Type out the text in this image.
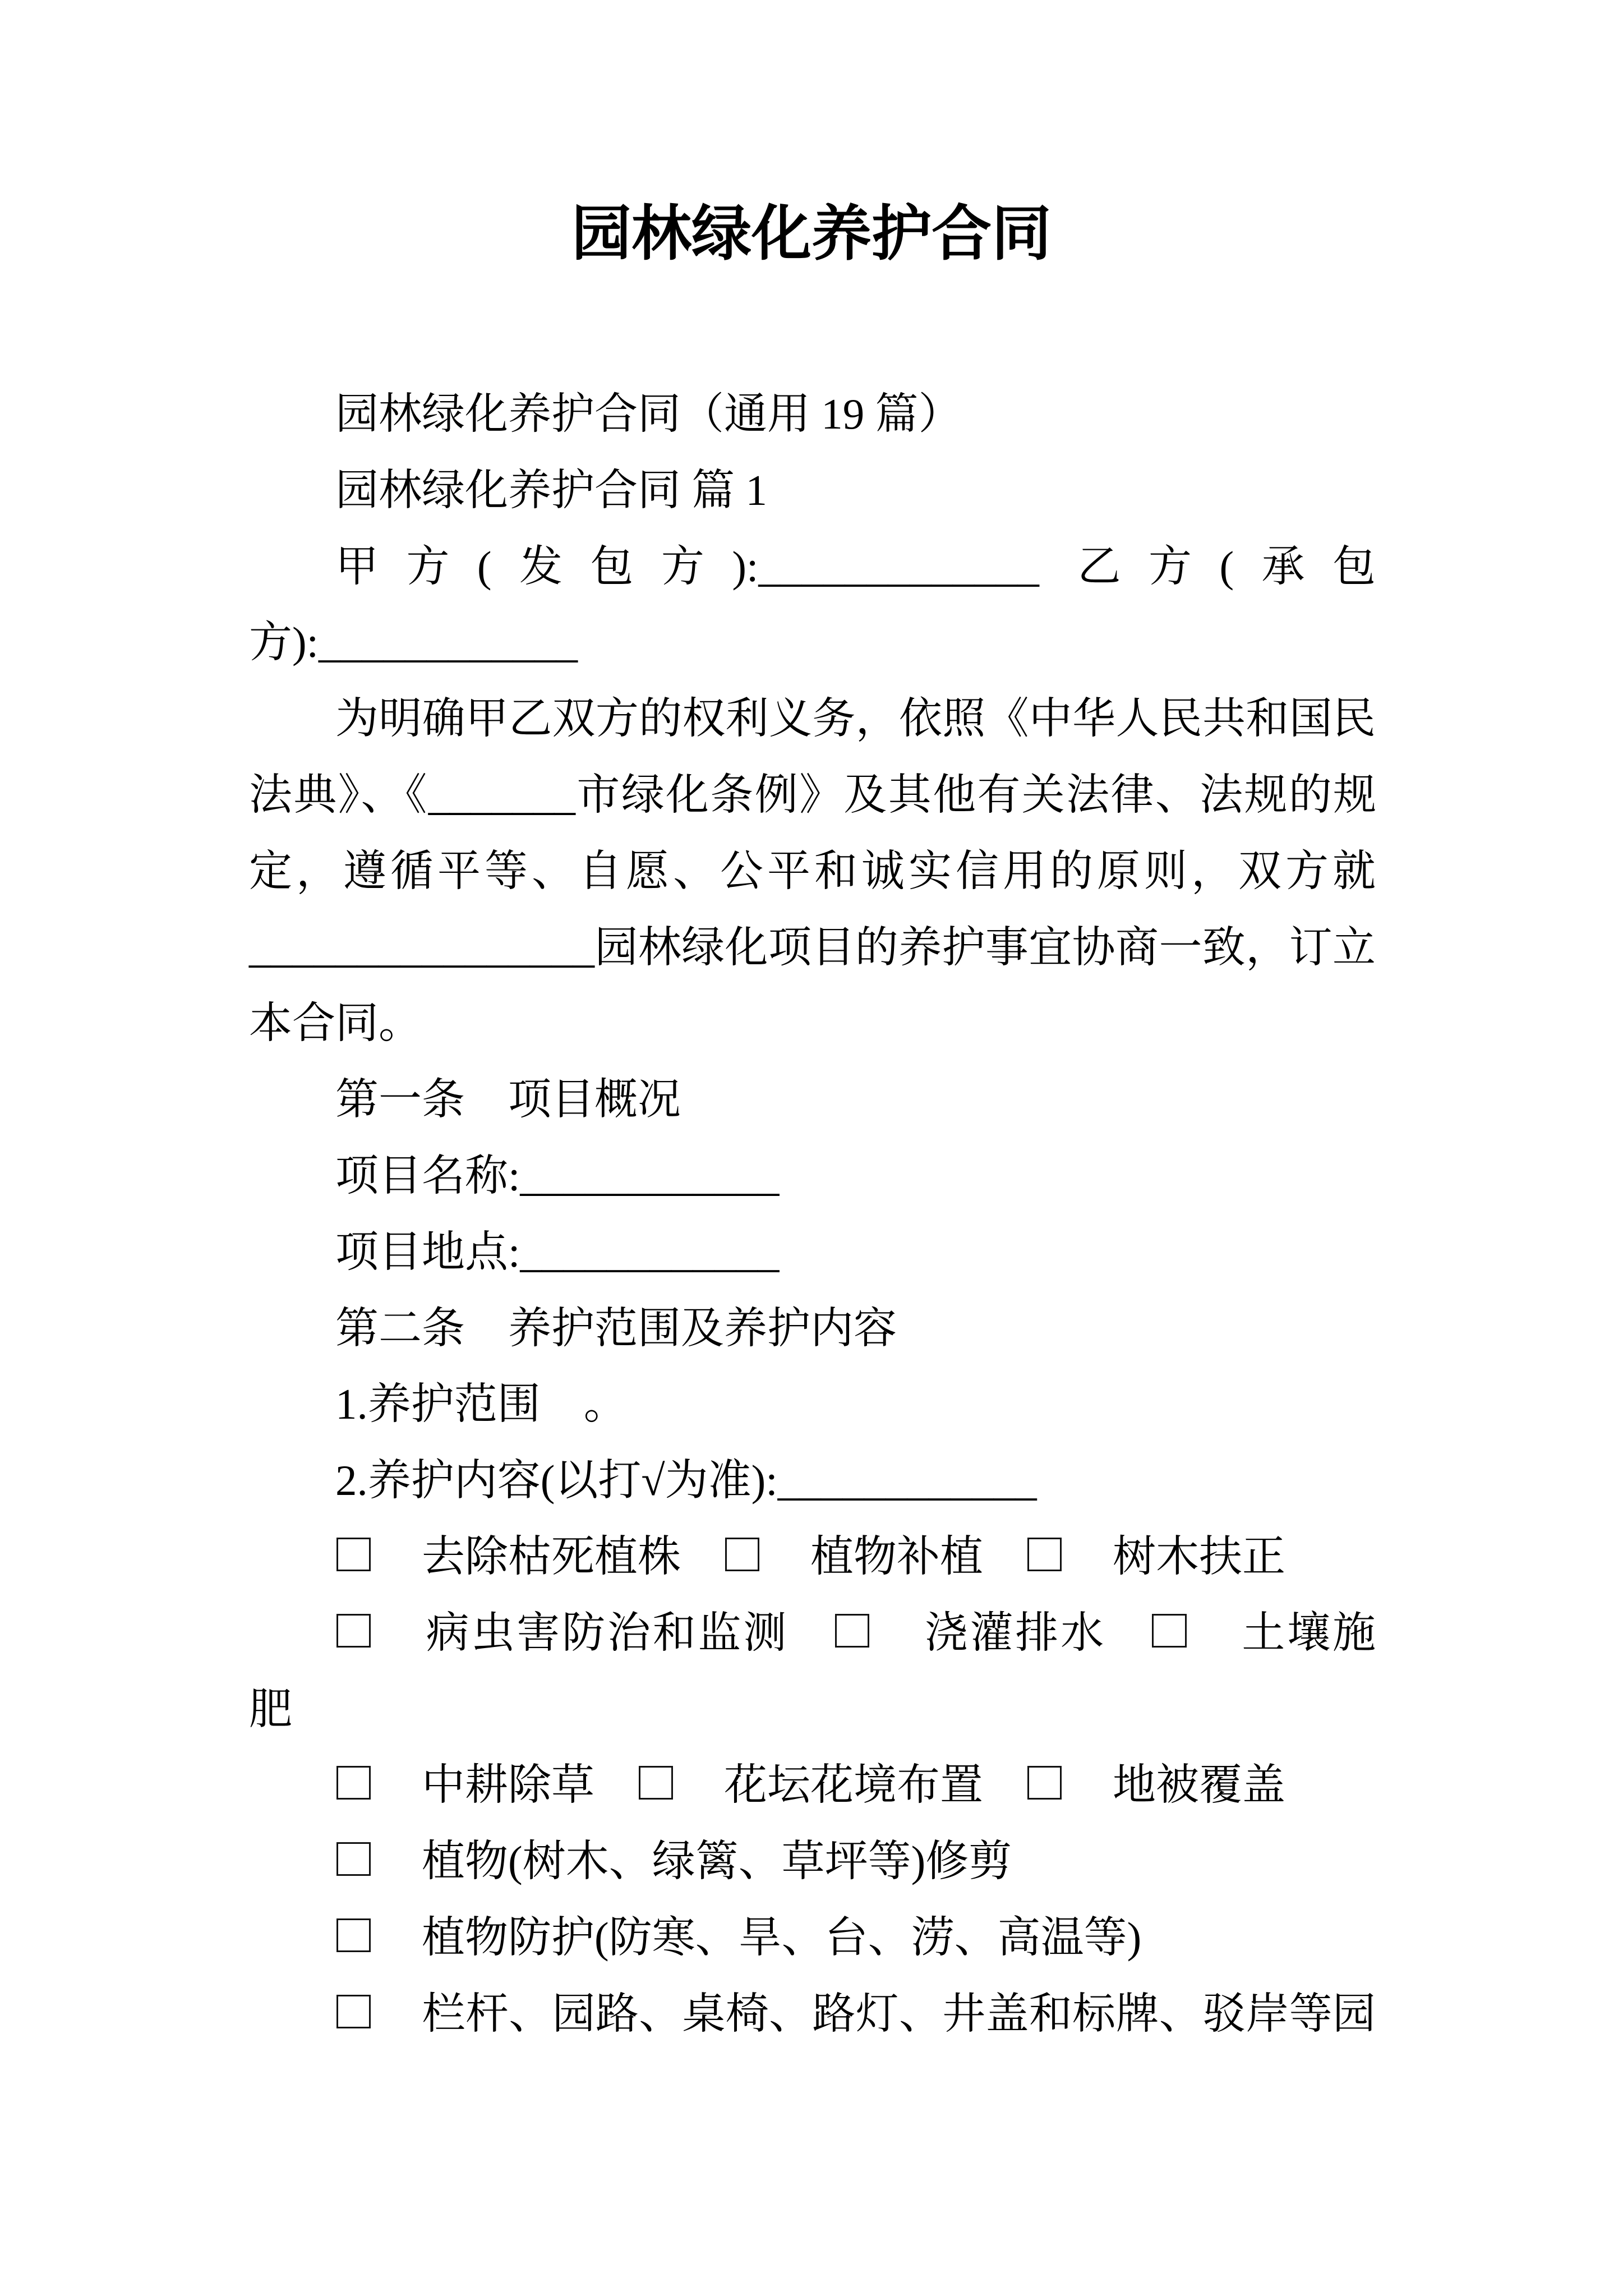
园林绿化养护合同
园林绿化养护合同（通用 19 篇）
园林绿化养护合同 篇 1
甲方(发包方):_____________ 乙方(承包
方):____________
为明确甲乙双方的权利义务，依照《中华人民共和国民
法典》、《_______市绿化条例》及其他有关法律、法规的规
定，遵循平等、自愿、公平和诚实信用的原则，双方就
________________园林绿化项目的养护事宜协商一致，订立
本合同。
第一条　项目概况
项目名称:____________
项目地点:____________
第二条　养护范围及养护内容
1.养护范围　。
2.养护内容(以打√为准):____________
　去除枯死植株　　植物补植　　树木扶正
　病虫害防治和监测　　浇灌排水　　土壤施
肥
　中耕除草　　花坛花境布置　　地被覆盖
　植物(树木、绿篱、草坪等)修剪
　植物防护(防寒、旱、台、涝、高温等)
　栏杆、园路、桌椅、路灯、井盖和标牌、驳岸等园
